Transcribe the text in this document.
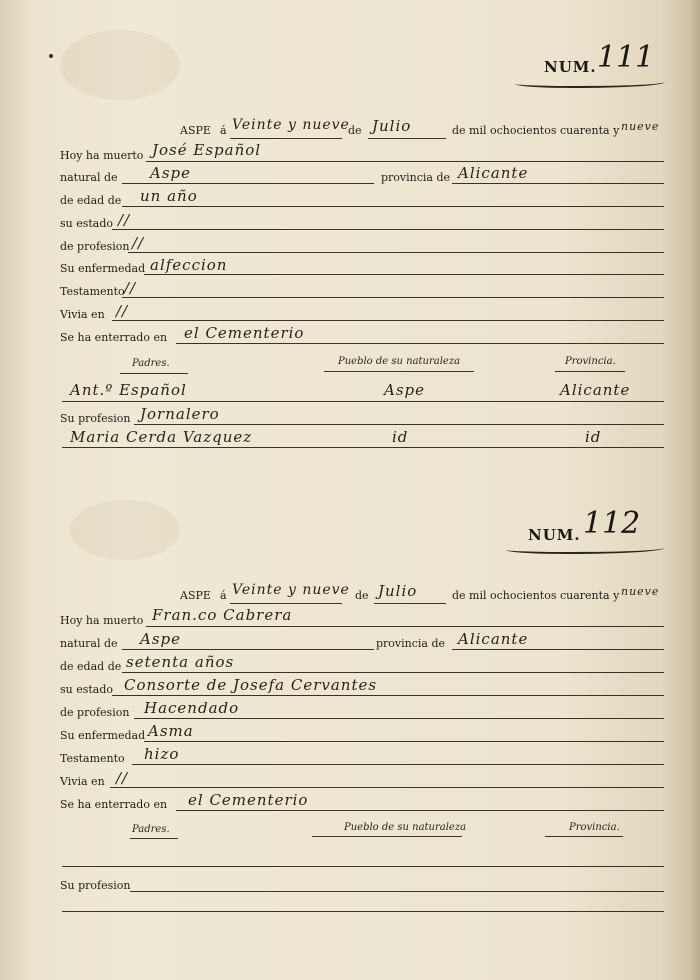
NUM. 111
ASPE á Veinte y nueve
de Julio	de mil ochocientos cuarenta y nueve
Hoy ha muerto José Español
natural de Aspe	provincia de Alicante
de edad de un año
su estado //
de profesion //
Su enfermedad alfeccion
Testamento //
Vivia en //
Se ha enterrado en el Cementerio
Padres.	Pueblo de su naturaleza	Provincia.
Ant.º Español	Aspe	Alicante
Su profesion Jornalero
Maria Cerda Vazquez	id	id
NUM. 112
ASPE á Veinte y nueve de Julio	de mil ochocientos cuarenta y nueve
Hoy ha muerto Fran.co Cabrera
natural de Aspe	provincia de Alicante
de edad de setenta años
su estado Consorte de Josefa Cervantes
de profesion Hacendado
Su enfermedad Asma
Testamento hizo
Vivia en //
Se ha enterrado en el Cementerio
Padres.	Pueblo de su naturaleza	Provincia.
Su profesion
